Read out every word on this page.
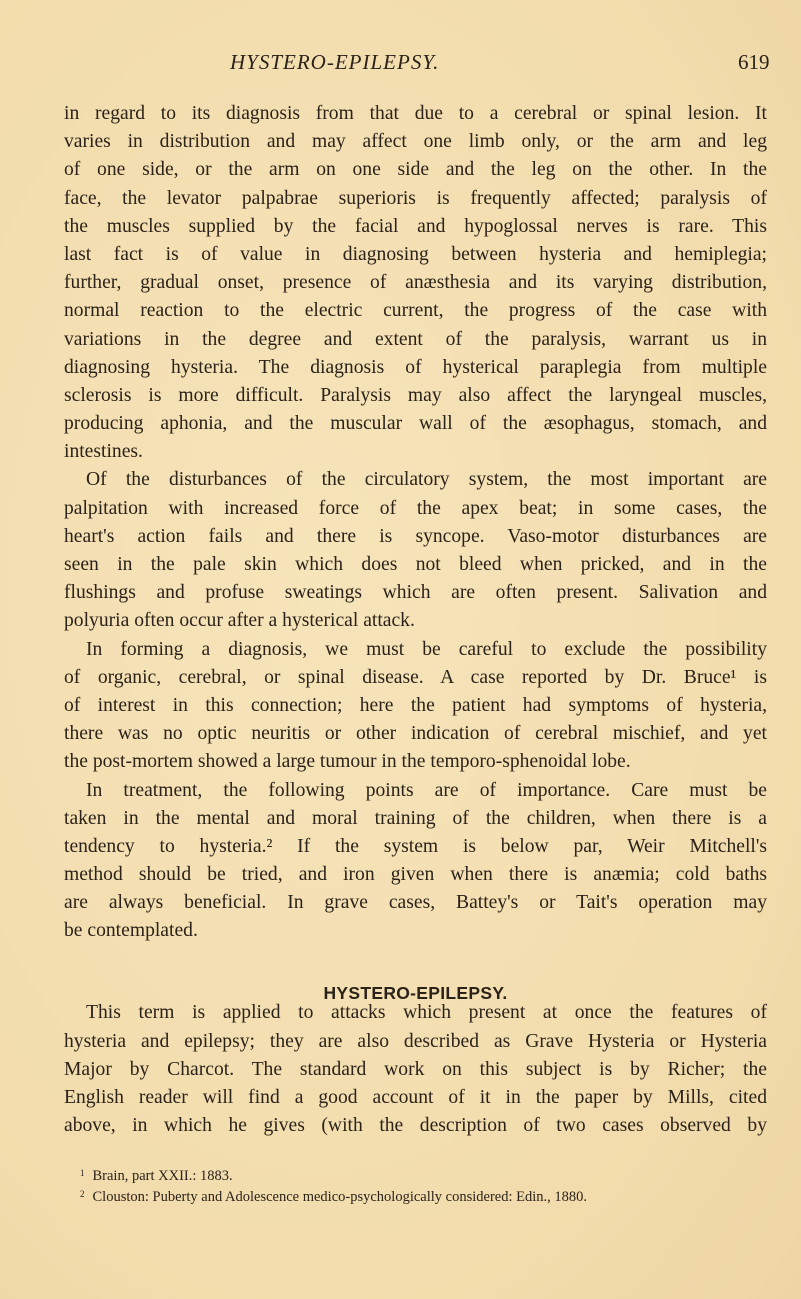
HYSTERO-EPILEPSY.	619
in regard to its diagnosis from that due to a cerebral or spinal lesion. It
varies in distribution and may affect one limb only, or the arm and leg
of one side, or the arm on one side and the leg on the other. In the
face, the levator palpabrae superioris is frequently affected; paralysis of
the muscles supplied by the facial and hypoglossal nerves is rare. This
last fact is of value in diagnosing between hysteria and hemiplegia;
further, gradual onset, presence of anæsthesia and its varying distribution,
normal reaction to the electric current, the progress of the case with
variations in the degree and extent of the paralysis, warrant us in
diagnosing hysteria. The diagnosis of hysterical paraplegia from multiple
sclerosis is more difficult. Paralysis may also affect the laryngeal muscles,
producing aphonia, and the muscular wall of the æsophagus, stomach, and
intestines.
Of the disturbances of the circulatory system, the most important are
palpitation with increased force of the apex beat; in some cases, the
heart's action fails and there is syncope. Vaso-motor disturbances are
seen in the pale skin which does not bleed when pricked, and in the
flushings and profuse sweatings which are often present. Salivation and
polyuria often occur after a hysterical attack.
In forming a diagnosis, we must be careful to exclude the possibility
of organic, cerebral, or spinal disease. A case reported by Dr. Bruce¹ is
of interest in this connection; here the patient had symptoms of hysteria,
there was no optic neuritis or other indication of cerebral mischief, and yet
the post-mortem showed a large tumour in the temporo-sphenoidal lobe.
In treatment, the following points are of importance. Care must be
taken in the mental and moral training of the children, when there is a
tendency to hysteria.² If the system is below par, Weir Mitchell's
method should be tried, and iron given when there is anæmia; cold baths
are always beneficial. In grave cases, Battey's or Tait's operation may
be contemplated.
HYSTERO-EPILEPSY.
This term is applied to attacks which present at once the features of
hysteria and epilepsy; they are also described as Grave Hysteria or Hysteria
Major by Charcot. The standard work on this subject is by Richer; the
English reader will find a good account of it in the paper by Mills, cited
above, in which he gives (with the description of two cases observed by
$^1$ Brain, part XXII.: 1883.
$^2$ Clouston: Puberty and Adolescence medico-psychologically considered: Edin., 1880.
